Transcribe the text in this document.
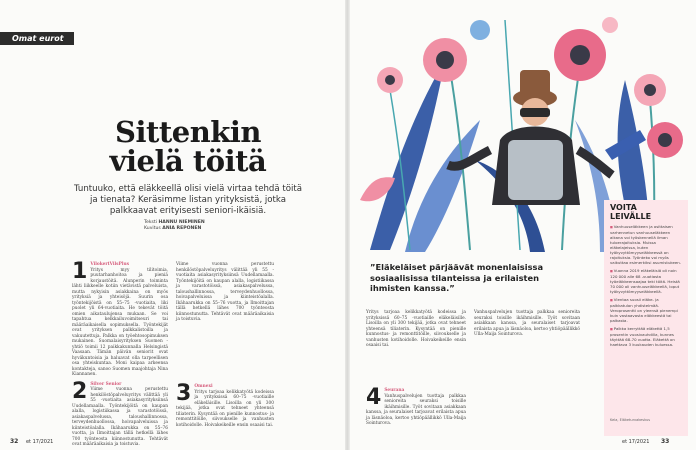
Omat eurot
Sittenkin
vielä töitä
Tuntuuko, että eläkkeellä olisi vielä virtaa tehdä töitä ja tienata? Keräsimme listan yrityksistä, jotka palkkaavat erityisesti seniori-ikäisiä.
Teksti HANNU NIEMINEN
Kuvitus ANIA REPONEN
1 VilokertVilsPlus
Yritys myy tilitoimia, puutarhanhoitoa ja pieniä korjaustöitä. Alunperin toiminta lähti liikkeelle kotiin vietävistä palveluista, mutta nykyisin asiakkaina on myös yrityksiä ja yhteisöjä. Suurin osa työntekijöistä on 55–75 -vuotiaita, liki puolet yli 64-vuotiaita. He tekevät töitä omien aikataulujensa mukaan. Se voi tapahtua kelkkailuvoimitseuri tai määräaikaisella sopimuksella. Työntekijät ovat yrityksen palkkalistoilla ja vakuutettuja. Palkka on työehtosopimuksen mukainen. Suomalaisyrityksen Suomen -yhtiö toimii 12 paikkakunnalla Helsingistä Vaasaan. Tämän päivän seniorit ovat hyväkuntoisia ja haluavat olla tarpeellisen osa yhteiskuntaa. Moni kaipaa arkeensa kontakteja, sanoo Suomen maajohtaja Nina Kiannanen.
2 Silver Senior
Viime vuonna perustettu henkilöstöpalveluyritys välittää yli 55 -vuotiaita asiakasyrityksiinsä Uudellamaalla. Työntekijöitä on kaupan alalla, logistiikassa ja varastotöissä, asiakaspalvelussa, taloushallinnossa, terveydenhuollossa, hoivapalveluissa ja kiinteistöalalla. Ikähaarukka on 55–76 vuotta, ja Ilmoittajan tällä hetkellä lähes 700 työnteosta kiinnostunutta. Tehtävät ovat määräaikaisia ja toistuvia.
Viime vuonna perustettu henkilöstöpalveluyritys välittää yli 55 -vuotiaita asiakasyrityksiinsä Uudellamaalla. Työntekijöitä on kaupan alalla, logistiikassa ja varastotöissä, asiakaspalvelussa, taloushallinnossa, terveydenhuollossa, hoivapalveluissa ja kiinteistöalalla. Ikähaarukka on 55–76 vuotta, ja Ilmoittajan tällä hetkellä lähes 700 työnteosta kiinnostunutta. Tehtävät ovat määräaikaisia ja toistuvia.
3 Omnexi
Yritys tarjoaa kelikkatyötä kodeissa ja yrityksissä 60–75 -vuotiaille eläkeläisille. Lisoilla on yli 300 tekijää, jotka ovat tehneet yhteensä tiliaterin. Kysyntää on pienille kunnostus- ja remonttitöille, siivoukselle ja vanhusten kotihoidolle. Hoivakeikeille ensin osaaisi tai.
”Eläkeläiset pärjäävät monenlaisissa sosiaalisissa tilanteissa ja erilaisten ihmisten kanssa.”
Yritys tarjoaa kelikkatyötä kodeissa ja yrityksissä 60–75 -vuotiaille eläkeläisille. Lisoilla on yli 300 tekijää, jotka ovat tehneet yhteensä tiliaterin. Kysyntää on pienille kunnostus- ja remonttitöille, siivoukselle ja vanhusten kotihoidolle. Hoivakeikeille ensin osaaisi tai.
4 Seurana
Vanhuspalvelujen tuottaja palkkaa senioreita seuraksi toisille ikäihmisille. Työt sovitaan asiakkaan kanssa, ja seuralaiset tarjoavat erilaista apua ja läsnäoloa, kertoo yhtiöpäällikkö Ulla-Maija Sointurova.
Vanhuspalvelujen tuottaja palkkaa senioreita seuraksi toisille ikäihmisille. Työt sovitaan asiakkaan kanssa, ja seuralaiset tarjoavat erilaista apua ja läsnäoloa, kertoo yhtiöpäällikkö Ulla-Maija Sointurova.
VOITA
LEIVÄLLE

■ Vanhuuseläkkeen ja osittaisen varhennetun vanhuuseläkkeen aikana voi työskennellä ilman tuloerajoituksia. Muissa eläkelajeissa, kuten työkyvyttömyyseläkkeessä on rajoituksia. Työnteko voi myös vaikuttaa esimerkiksi asumistukeen.

■ Vuonna 2019 eläkeläisiä oli noin 120 000 alle 68 -vuotiasta työeläkkeensaajaa teki töitä. Heistä 70 000 oli vanhuuseläkkeellä, loput työkyvyttömyyseläkkeellä.

■ Vientaa suosii eläke- ja palkkatulon yhdistelmää. Veroprosentti on yleensä pienempi kuin vastaavasta eläkkeestä tai palkasta.

■ Palkka kerryttää eläkettä 1,5 prosentin vuosivauhdilla, kunnes täyttää 68-70 vuotta. Eläkettä on haettava 3 kuukauden kuluessa.

Kela, Eläketurvakeskus
32 et 17/2021	et 17/2021 33
